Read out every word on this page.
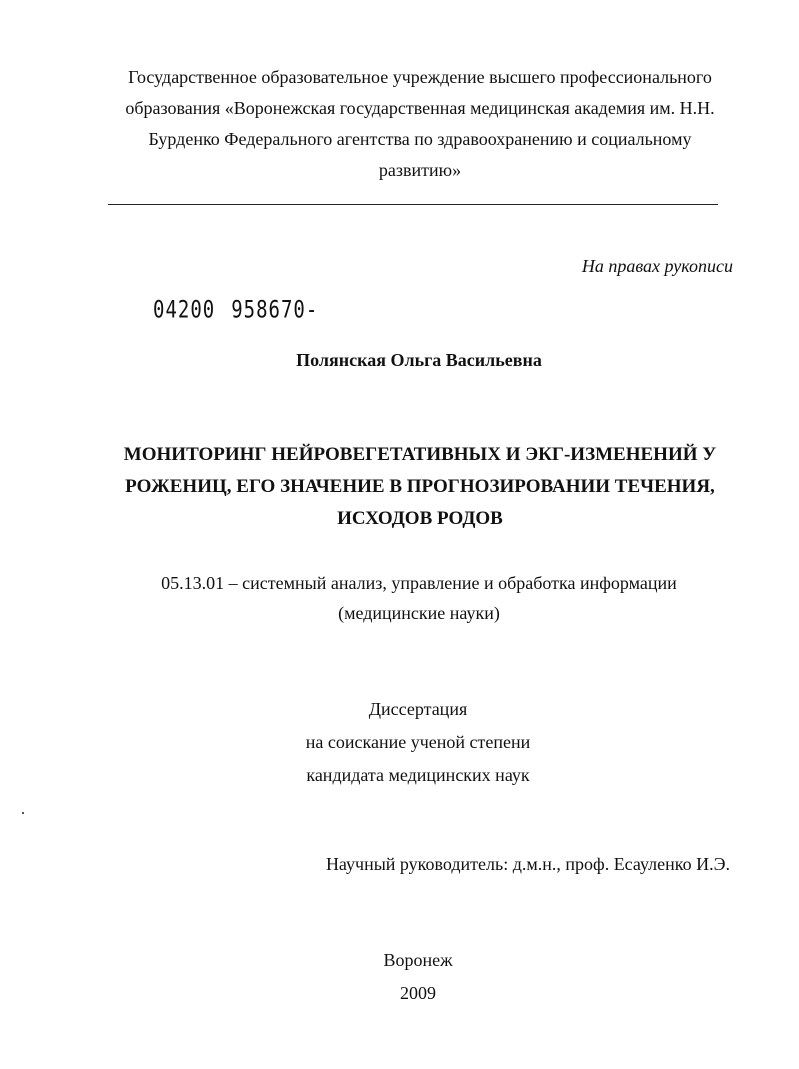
Государственное образовательное учреждение высшего профессионального
образования «Воронежская государственная медицинская академия им. Н.Н.
Бурденко Федерального агентства по здравоохранению и социальному
развитию»
На правах рукописи
04200 958670-
Полянская Ольга Васильевна
МОНИТОРИНГ НЕЙРОВЕГЕТАТИВНЫХ И ЭКГ-ИЗМЕНЕНИЙ У
РОЖЕНИЦ, ЕГО ЗНАЧЕНИЕ В ПРОГНОЗИРОВАНИИ ТЕЧЕНИЯ,
ИСХОДОВ РОДОВ
05.13.01 – системный анализ, управление и обработка информации
(медицинские науки)
Диссертация
на соискание ученой степени
кандидата медицинских наук
Научный руководитель: д.м.н., проф. Есауленко И.Э.
Воронеж
2009
